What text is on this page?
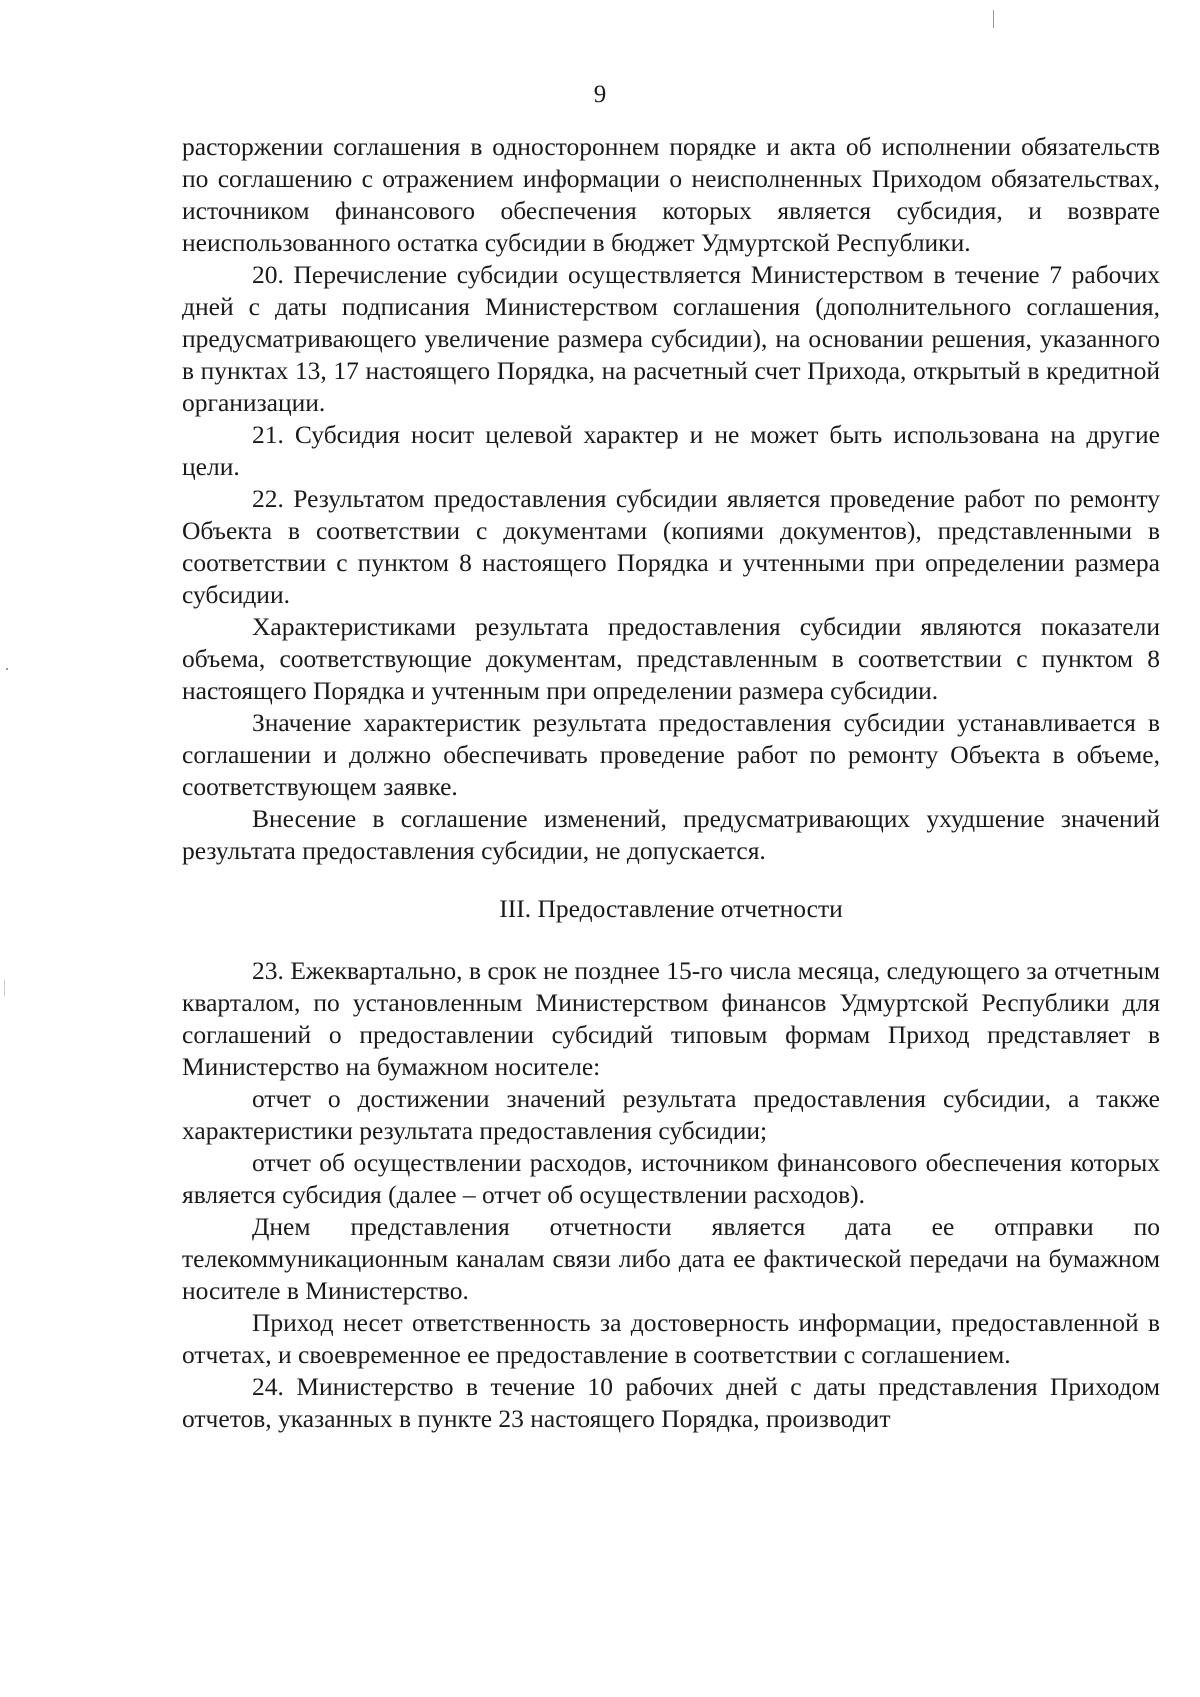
9

расторжении соглашения в одностороннем порядке и акта об исполнении обязательств по соглашению с отражением информации о неисполненных Приходом обязательствах, источником финансового обеспечения которых является субсидия, и возврате неиспользованного остатка субсидии в бюджет Удмуртской Республики.

20. Перечисление субсидии осуществляется Министерством в течение 7 рабочих дней с даты подписания Министерством соглашения (дополнительного соглашения, предусматривающего увеличение размера субсидии), на основании решения, указанного в пунктах 13, 17 настоящего Порядка, на расчетный счет Прихода, открытый в кредитной организации.

21. Субсидия носит целевой характер и не может быть использована на другие цели.

22. Результатом предоставления субсидии является проведение работ по ремонту Объекта в соответствии с документами (копиями документов), представленными в соответствии с пунктом 8 настоящего Порядка и учтенными при определении размера субсидии.

Характеристиками результата предоставления субсидии являются показатели объема, соответствующие документам, представленным в соответствии с пунктом 8 настоящего Порядка и учтенным при определении размера субсидии.

Значение характеристик результата предоставления субсидии устанавливается в соглашении и должно обеспечивать проведение работ по ремонту Объекта в объеме, соответствующем заявке.

Внесение в соглашение изменений, предусматривающих ухудшение значений результата предоставления субсидии, не допускается.

III. Предоставление отчетности

23. Ежеквартально, в срок не позднее 15-го числа месяца, следующего за отчетным кварталом, по установленным Министерством финансов Удмуртской Республики для соглашений о предоставлении субсидий типовым формам Приход представляет в Министерство на бумажном носителе:

отчет о достижении значений результата предоставления субсидии, а также характеристики результата предоставления субсидии;

отчет об осуществлении расходов, источником финансового обеспечения которых является субсидия (далее – отчет об осуществлении расходов).

Днем представления отчетности является дата ее отправки по телекоммуникационным каналам связи либо дата ее фактической передачи на бумажном носителе в Министерство.

Приход несет ответственность за достоверность информации, предоставленной в отчетах, и своевременное ее предоставление в соответствии с соглашением.

24. Министерство в течение 10 рабочих дней с даты представления Приходом отчетов, указанных в пункте 23 настоящего Порядка, производит
